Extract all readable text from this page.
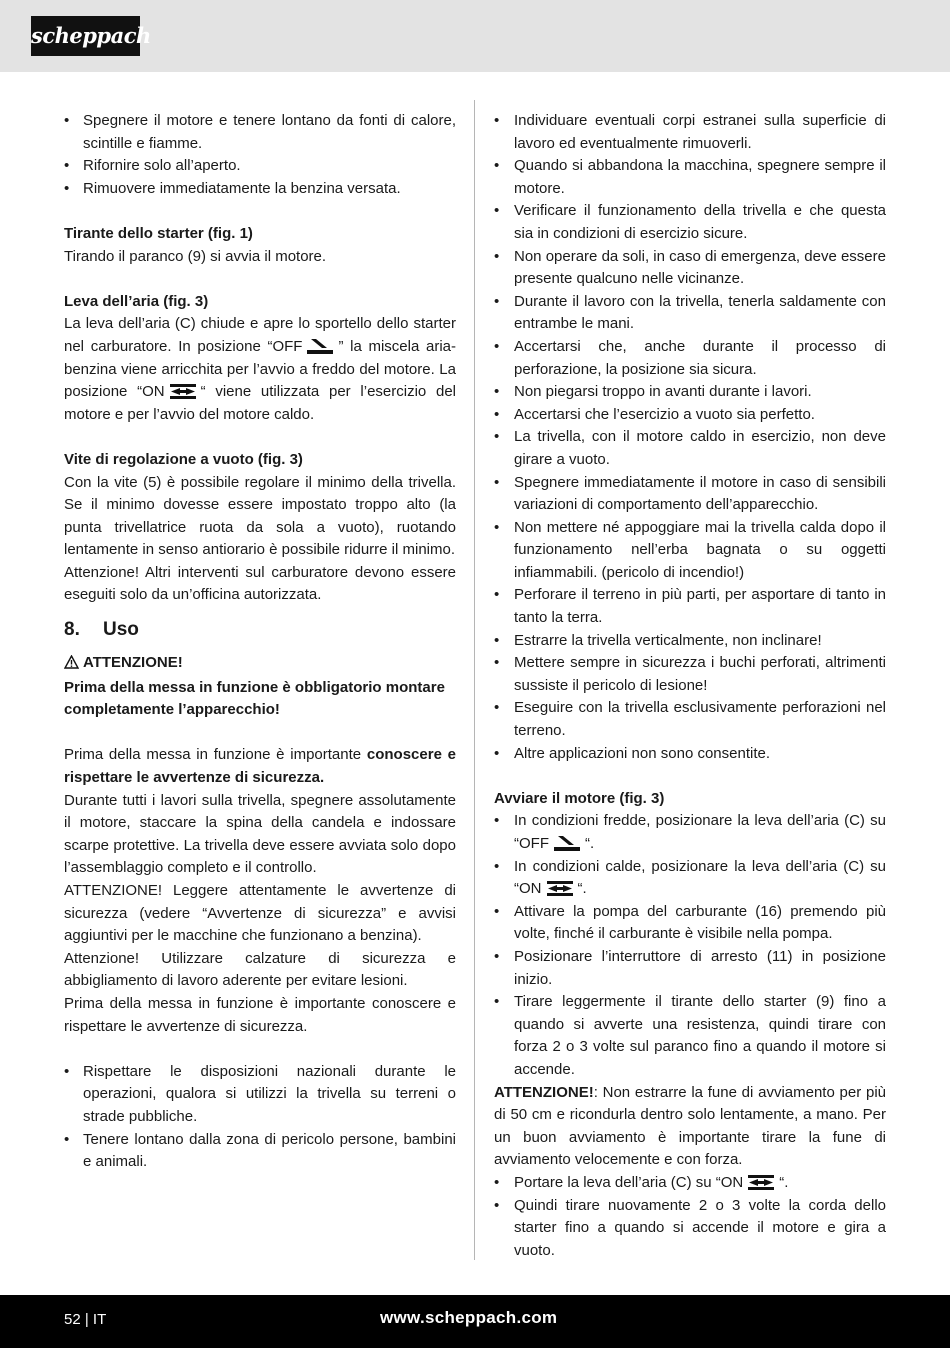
scheppach
• Spegnere il motore e tenere lontano da fonti di calore, scintille e fiamme.
• Rifornire solo all’aperto.
• Rimuovere immediatamente la benzina versata.

Tirante dello starter (fig. 1)

Tirando il paranco (9) si avvia il motore.

Leva dell’aria (fig. 3)

La leva dell’aria (C) chiude e apre lo sportello dello starter nel carburatore. In posizione “OFF ” la miscela aria-benzina viene arricchita per l’avvio a freddo del motore. La posizione “ON “ viene utilizzata per l’esercizio del motore e per l’avvio del motore caldo.

Vite di regolazione a vuoto (fig. 3)

Con la vite (5) è possibile regolare il minimo della trivella. Se il minimo dovesse essere impostato troppo alto (la punta trivellatrice ruota da sola a vuoto), ruotando lentamente in senso antiorario è possibile ridurre il minimo.

Attenzione! Altri interventi sul carburatore devono essere eseguiti solo da un’officina autorizzata.

8. Uso

ATTENZIONE!

Prima della messa in funzione è obbligatorio montare completamente l’apparecchio!

Prima della messa in funzione è importante conoscere e rispettare le avvertenze di sicurezza.

Durante tutti i lavori sulla trivella, spegnere assolutamente il motore, staccare la spina della candela e indossare scarpe protettive. La trivella deve essere avviata solo dopo l’assemblaggio completo e il controllo.

ATTENZIONE! Leggere attentamente le avvertenze di sicurezza (vedere “Avvertenze di sicurezza” e avvisi aggiuntivi per le macchine che funzionano a benzina).

Attenzione! Utilizzare calzature di sicurezza e abbigliamento di lavoro aderente per evitare lesioni.

Prima della messa in funzione è importante conoscere e rispettare le avvertenze di sicurezza.

• Rispettare le disposizioni nazionali durante le operazioni, qualora si utilizzi la trivella su terreni o strade pubbliche.
• Tenere lontano dalla zona di pericolo persone, bambini e animali.
• Individuare eventuali corpi estranei sulla superficie di lavoro ed eventualmente rimuoverli.
• Quando si abbandona la macchina, spegnere sempre il motore.
• Verificare il funzionamento della trivella e che questa sia in condizioni di esercizio sicure.
• Non operare da soli, in caso di emergenza, deve essere presente qualcuno nelle vicinanze.
• Durante il lavoro con la trivella, tenerla saldamente con entrambe le mani.
• Accertarsi che, anche durante il processo di perforazione, la posizione sia sicura.
• Non piegarsi troppo in avanti durante i lavori.
• Accertarsi che l’esercizio a vuoto sia perfetto.
• La trivella, con il motore caldo in esercizio, non deve girare a vuoto.
• Spegnere immediatamente il motore in caso di sensibili variazioni di comportamento dell’apparecchio.
• Non mettere né appoggiare mai la trivella calda dopo il funzionamento nell’erba bagnata o su oggetti infiammabili. (pericolo di incendio!)
• Perforare il terreno in più parti, per asportare di tanto in tanto la terra.
• Estrarre la trivella verticalmente, non inclinare!
• Mettere sempre in sicurezza i buchi perforati, altrimenti sussiste il pericolo di lesione!
• Eseguire con la trivella esclusivamente perforazioni nel terreno.
• Altre applicazioni non sono consentite.

Avviare il motore (fig. 3)

• In condizioni fredde, posizionare la leva dell’aria (C) su “OFF “.
• In condizioni calde, posizionare la leva dell’aria (C) su “ON “.
• Attivare la pompa del carburante (16) premendo più volte, finché il carburante è visibile nella pompa.
• Posizionare l’interruttore di arresto (11) in posizione inizio.
• Tirare leggermente il tirante dello starter (9) fino a quando si avverte una resistenza, quindi tirare con forza 2 o 3 volte sul paranco fino a quando il motore si accende.

ATTENZIONE!: Non estrarre la fune di avviamento per più di 50 cm e ricondurla dentro solo lentamente, a mano. Per un buon avviamento è importante tirare la fune di avviamento velocemente e con forza.

• Portare la leva dell’aria (C) su “ON “.
• Quindi tirare nuovamente 2 o 3 volte la corda dello starter fino a quando si accende il motore e gira a vuoto.
52 | IT	www.scheppach.com
